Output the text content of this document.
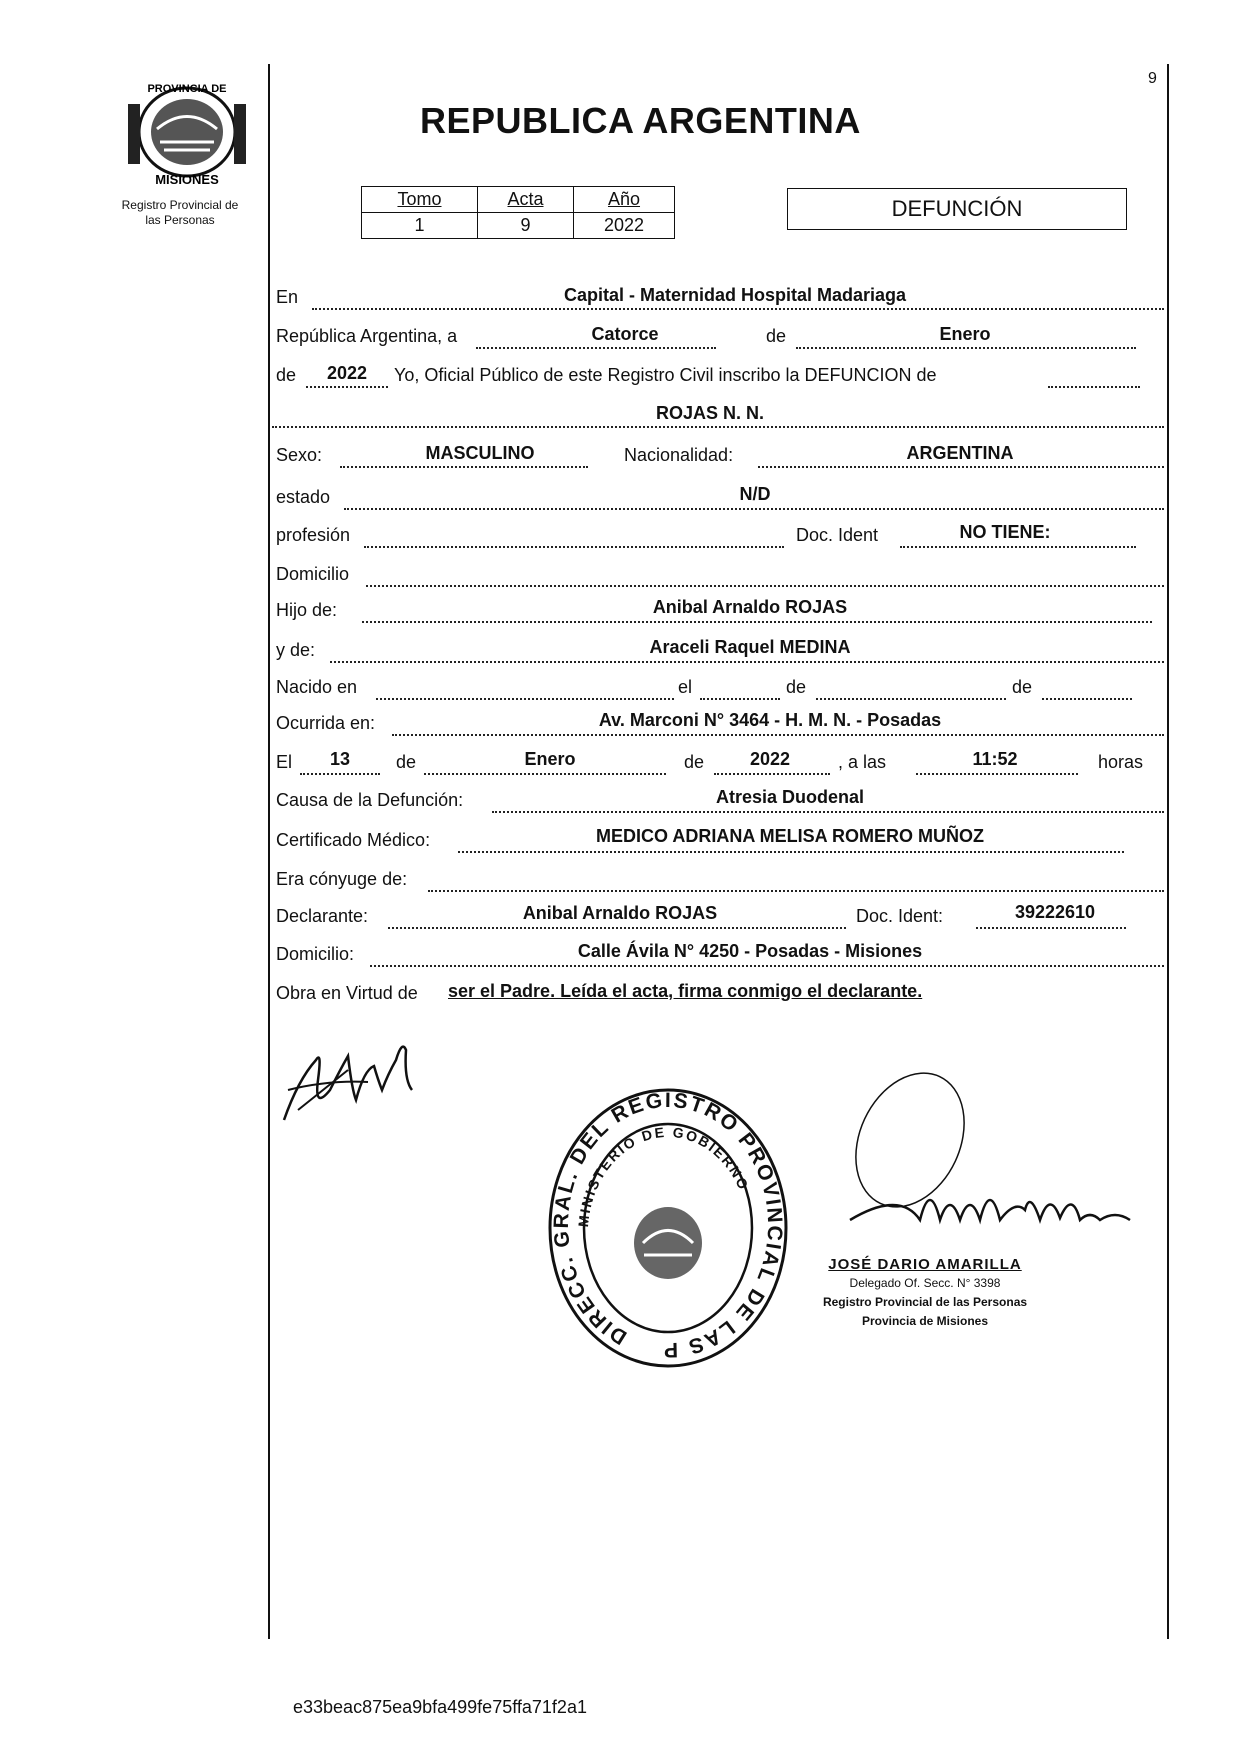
PROVINCIA DE
MISIONES
Registro Provincial de
las Personas
9
REPUBLICA ARGENTINA
Tomo	Acta	Año
1	9	2022
DEFUNCIÓN
En	Capital - Maternidad Hospital Madariaga
República Argentina, a	Catorce	de	Enero
de	2022	Yo, Oficial Público de este Registro Civil inscribo la DEFUNCION de
ROJAS N. N.
Sexo:	MASCULINO	Nacionalidad:	ARGENTINA
estado	N/D
profesión	Doc. Ident	NO TIENE:
Domicilio
Hijo de:	Anibal Arnaldo ROJAS
y de:	Araceli Raquel MEDINA
Nacido en	el	de	de
Ocurrida en:	Av. Marconi N° 3464 - H. M. N. - Posadas
El	13	de	Enero	de	2022	, a las	11:52	horas
Causa de la Defunción:	Atresia Duodenal
Certificado Médico:	MEDICO ADRIANA MELISA ROMERO MUÑOZ
Era cónyuge de:
Declarante:	Anibal Arnaldo ROJAS	Doc. Ident:	39222610
Domicilio:	Calle Ávila N° 4250 - Posadas - Misiones
Obra en Virtud de ser el Padre. Leída el acta, firma conmigo el declarante.
DIRECC. GRAL. DEL REGISTRO PROVINCIAL DE LAS PERSONAS -
MINISTERIO DE GOBIERNO
JOSÉ DARIO AMARILLA
Delegado Of. Secc. N° 3398
Registro Provincial de las Personas
Provincia de Misiones
e33beac875ea9bfa499fe75ffa71f2a1
